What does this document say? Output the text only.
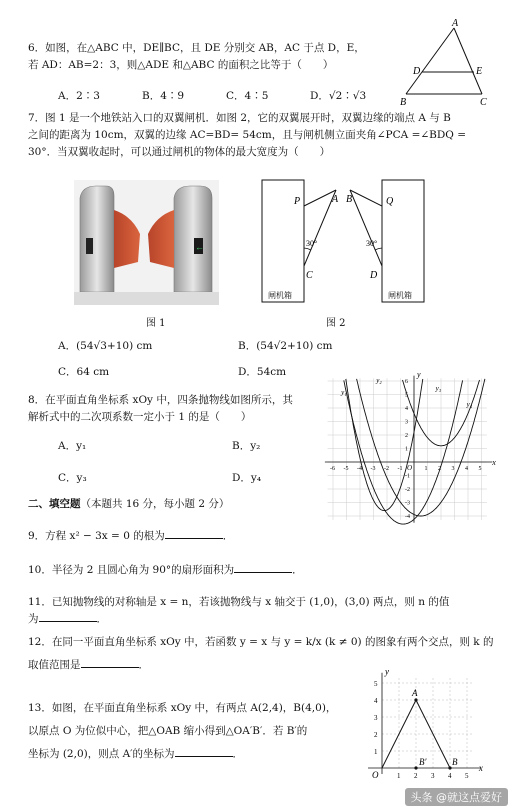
6．如图，在△ABC 中，DE∥BC，且 DE 分别交 AB，AC 于点 D，E，
若 AD：AB=2：3，则△ADE 和△ABC 的面积之比等于（　　）
A．2∶3	B．4∶9	C．4∶5	D．√2∶√3
A
D	E
B	C
7．图 1 是一个地铁站入口的双翼闸机．如图 2，它的双翼展开时，双翼边缘的端点 A 与 B
之间的距离为 10cm，双翼的边缘 AC=BD= 54cm，且与闸机侧立面夹角∠PCA =∠BDQ =
30°．当双翼收起时，可以通过闸机的物体的最大宽度为（　　）
←
图 1
P	A B	Q
C	D
30°	30°
闸机箱	闸机箱
图 2
A．(54√3+10) cm	B．(54√2+10) cm
C．64 cm	D．54cm
8．在平面直角坐标系 xOy 中，四条抛物线如图所示，其
解析式中的二次项系数一定小于 1 的是（　　）
A．y₁	B．y₂
C．y₃	D．y₄
x
y
O
-6 -5 -4 -3 -2 -1	1 2 3 4 5
6
5
4
3
2
1
-1
-2
-3
-4
y₁
y₂
y₃
y₄
二、填空题（本题共 16 分，每小题 2 分）
9．方程 x² − 3x = 0 的根为	．
10．半径为 2 且圆心角为 90°的扇形面积为	．
11．已知抛物线的对称轴是 x = n，若该抛物线与 x 轴交于 (1,0)，(3,0) 两点，则 n 的值
为	．
12．在同一平面直角坐标系 xOy 中，若函数 y = x 与 y = k/x (k ≠ 0) 的图象有两个交点，则 k 的
取值范围是	．
13．如图，在平面直角坐标系 xOy 中，有两点 A(2,4)，B(4,0)，
以原点 O 为位似中心，把△OAB 缩小得到△OA′B′．若 B′的
坐标为 (2,0)，则点 A′的坐标为	．
y
x
O
A
B
B′
1 2 3 4 5
1
2
3
4
5
头条 @就这点爱好
